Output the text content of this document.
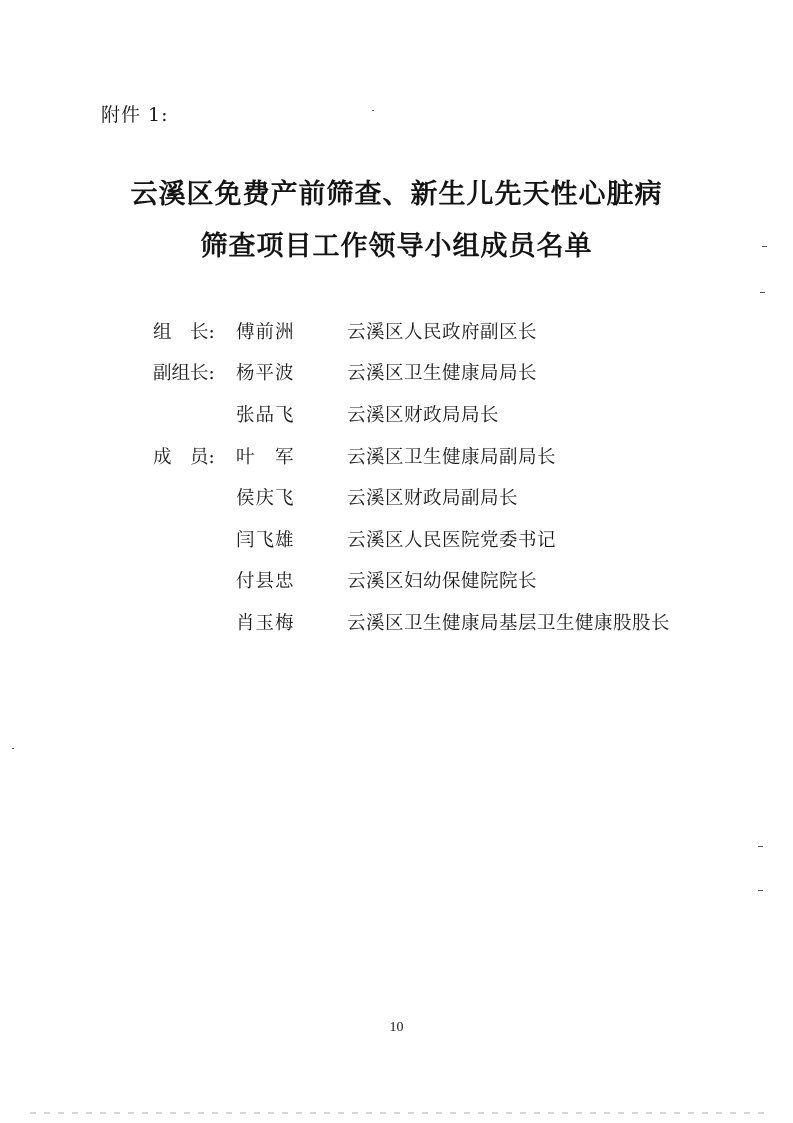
附件 1:
云溪区免费产前筛查、新生儿先天性心脏病
筛查项目工作领导小组成员名单
组　长:	傅前洲	云溪区人民政府副区长
副组长:	杨平波	云溪区卫生健康局局长
张品飞	云溪区财政局局长
成　员:	叶　军	云溪区卫生健康局副局长
侯庆飞	云溪区财政局副局长
闫飞雄	云溪区人民医院党委书记
付县忠	云溪区妇幼保健院院长
肖玉梅	云溪区卫生健康局基层卫生健康股股长
10
